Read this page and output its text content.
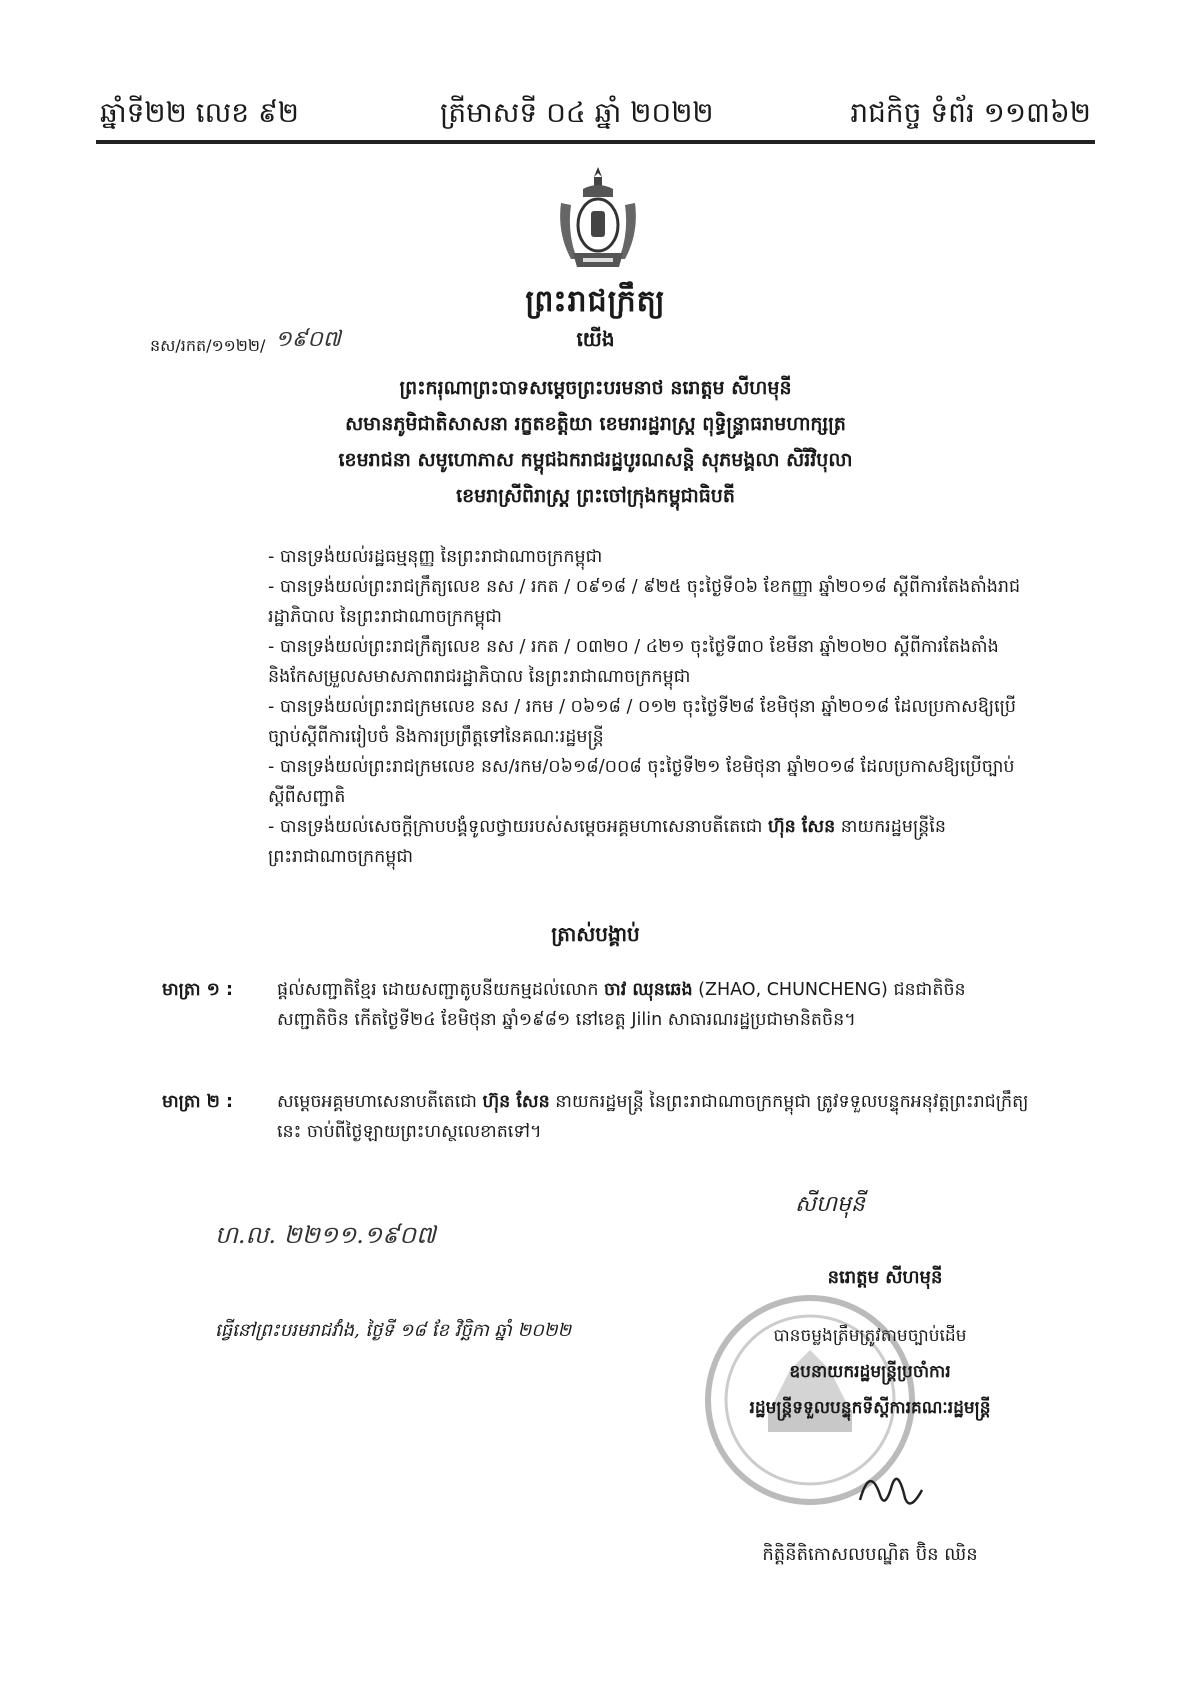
ឆ្នាំទី២២ លេខ ៩២	ត្រីមាសទី ០៤ ឆ្នាំ ២០២២	រាជកិច្ច ទំព័រ ១១៣៦២
ព្រះរាជក្រឹត្យ
នស/រកត/១១២២/ ១៩០៧	យើង
ព្រះករុណាព្រះបាទសម្តេចព្រះបរមនាថ នរោត្តម សីហមុនី
សមានភូមិជាតិសាសនា រក្ខតខត្តិយា ខេមរារដ្ឋរាស្ត្រ ពុទ្ធិន្ទ្រាធរាមហាក្សត្រ
ខេមរាជនា សមូហោភាស កម្ពុជឯករាជរដ្ឋបូរណសន្តិ សុភមង្គលា សិរីវិបុលា
ខេមរាស្រីពិរាស្ត្រ ព្រះចៅក្រុងកម្ពុជាធិបតី
- បានទ្រង់យល់រដ្ឋធម្មនុញ្ញ នៃព្រះរាជាណាចក្រកម្ពុជា
- បានទ្រង់យល់ព្រះរាជក្រឹត្យលេខ នស / រកត / ០៩១៨ / ៩២៥ ចុះថ្ងៃទី០៦ ខែកញ្ញា ឆ្នាំ២០១៨ ស្តីពីការតែងតាំងរាជរដ្ឋាភិបាល នៃព្រះរាជាណាចក្រកម្ពុជា
- បានទ្រង់យល់ព្រះរាជក្រឹត្យលេខ នស / រកត / ០៣២០ / ៤២១ ចុះថ្ងៃទី៣០ ខែមីនា ឆ្នាំ២០២០ ស្តីពីការតែងតាំងនិងកែសម្រួលសមាសភាពរាជរដ្ឋាភិបាល នៃព្រះរាជាណាចក្រកម្ពុជា
- បានទ្រង់យល់ព្រះរាជក្រមលេខ នស / រកម / ០៦១៨ / ០១២ ចុះថ្ងៃទី២៨ ខែមិថុនា ឆ្នាំ២០១៨ ដែលប្រកាសឱ្យប្រើច្បាប់ស្តីពីការរៀបចំ និងការប្រព្រឹត្តទៅនៃគណៈរដ្ឋមន្ត្រី
- បានទ្រង់យល់ព្រះរាជក្រមលេខ នស/រកម/០៦១៨/០០៨ ចុះថ្ងៃទី២១ ខែមិថុនា ឆ្នាំ២០១៨ ដែលប្រកាសឱ្យប្រើច្បាប់ស្តីពីសញ្ជាតិ
- បានទ្រង់យល់សេចក្តីក្រាបបង្គំទូលថ្វាយរបស់សម្តេចអគ្គមហាសេនាបតីតេជោ ហ៊ុន សែន នាយករដ្ឋមន្ត្រីនៃព្រះរាជាណាចក្រកម្ពុជា
ត្រាស់បង្គាប់
មាត្រា ១ :	ផ្តល់សញ្ជាតិខ្មែរ ដោយសញ្ជាតូបនីយកម្មដល់លោក ចាវ ឈុនឆេង (ZHAO, CHUNCHENG) ជនជាតិចិន សញ្ជាតិចិន កើតថ្ងៃទី២៤ ខែមិថុនា ឆ្នាំ១៩៨១ នៅខេត្ត Jilin សាធារណរដ្ឋប្រជាមានិតចិន។
មាត្រា ២ :	សម្តេចអគ្គមហាសេនាបតីតេជោ ហ៊ុន សែន នាយករដ្ឋមន្ត្រី នៃព្រះរាជាណាចក្រកម្ពុជា ត្រូវទទួលបន្ទុកអនុវត្តព្រះរាជក្រឹត្យនេះ ចាប់ពីថ្ងៃឡាយព្រះហស្ថលេខាតទៅ។
ហ.ល. ២២១១.១៩០៧
ធ្វើនៅព្រះបរមរាជវាំង, ថ្ងៃទី ១៨ ខែ វិច្ឆិកា ឆ្នាំ ២០២២
សីហមុនី
នរោត្តម សីហមុនី
បានចម្លងត្រឹមត្រូវតាមច្បាប់ដើម
ឧបនាយករដ្ឋមន្ត្រីប្រចាំការ
រដ្ឋមន្ត្រីទទួលបន្ទុកទីស្តីការគណៈរដ្ឋមន្ត្រី
កិត្តិនីតិកោសលបណ្ឌិត ប៊ិន ឈិន
